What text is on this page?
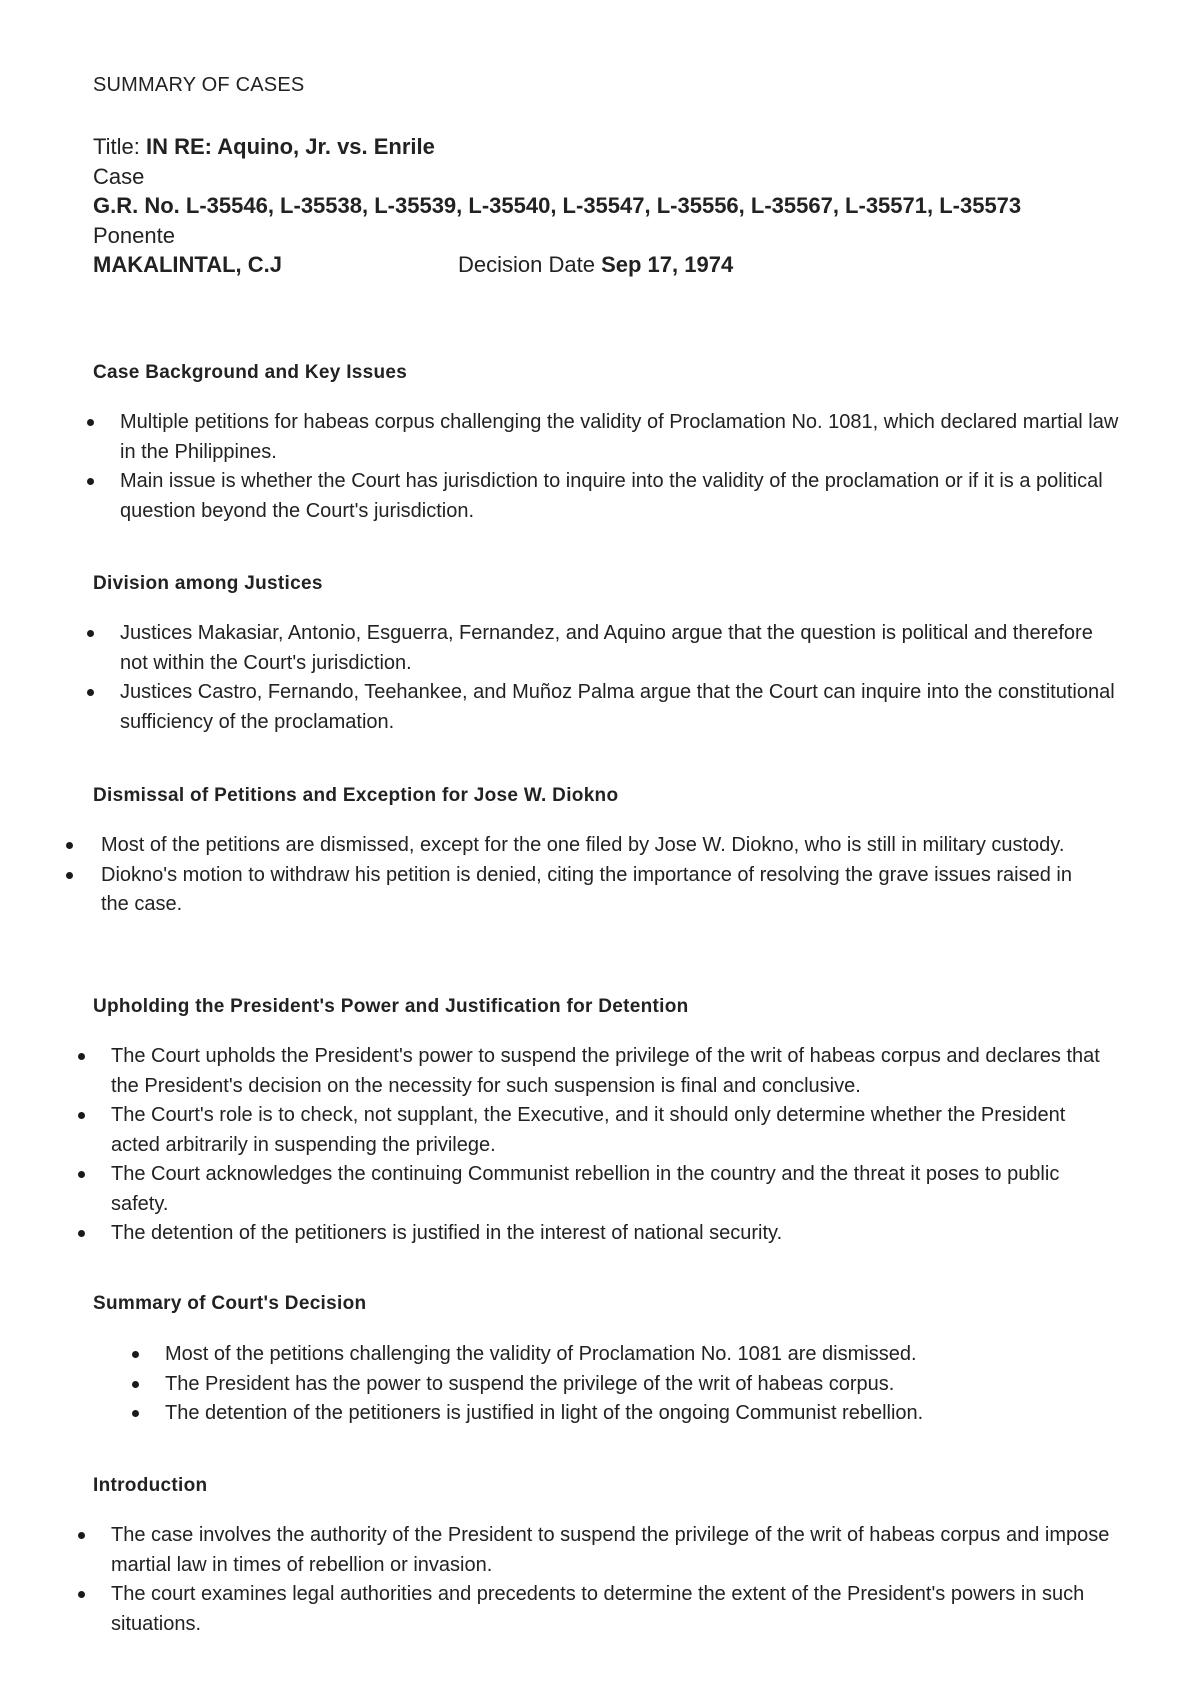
SUMMARY OF CASES
Title: IN RE: Aquino, Jr. vs. Enrile
Case
G.R. No. L-35546, L-35538, L-35539, L-35540, L-35547, L-35556, L-35567, L-35571, L-35573
Ponente
MAKALINTAL, C.J	Decision Date Sep 17, 1974
Case Background and Key Issues
Multiple petitions for habeas corpus challenging the validity of Proclamation No. 1081, which declared martial law in the Philippines.
Main issue is whether the Court has jurisdiction to inquire into the validity of the proclamation or if it is a political question beyond the Court's jurisdiction.
Division among Justices
Justices Makasiar, Antonio, Esguerra, Fernandez, and Aquino argue that the question is political and therefore not within the Court's jurisdiction.
Justices Castro, Fernando, Teehankee, and Muñoz Palma argue that the Court can inquire into the constitutional sufficiency of the proclamation.
Dismissal of Petitions and Exception for Jose W. Diokno
Most of the petitions are dismissed, except for the one filed by Jose W. Diokno, who is still in military custody.
Diokno's motion to withdraw his petition is denied, citing the importance of resolving the grave issues raised in the case.
Upholding the President's Power and Justification for Detention
The Court upholds the President's power to suspend the privilege of the writ of habeas corpus and declares that the President's decision on the necessity for such suspension is final and conclusive.
The Court's role is to check, not supplant, the Executive, and it should only determine whether the President acted arbitrarily in suspending the privilege.
The Court acknowledges the continuing Communist rebellion in the country and the threat it poses to public safety.
The detention of the petitioners is justified in the interest of national security.
Summary of Court's Decision
Most of the petitions challenging the validity of Proclamation No. 1081 are dismissed.
The President has the power to suspend the privilege of the writ of habeas corpus.
The detention of the petitioners is justified in light of the ongoing Communist rebellion.
Introduction
The case involves the authority of the President to suspend the privilege of the writ of habeas corpus and impose martial law in times of rebellion or invasion.
The court examines legal authorities and precedents to determine the extent of the President's powers in such situations.
